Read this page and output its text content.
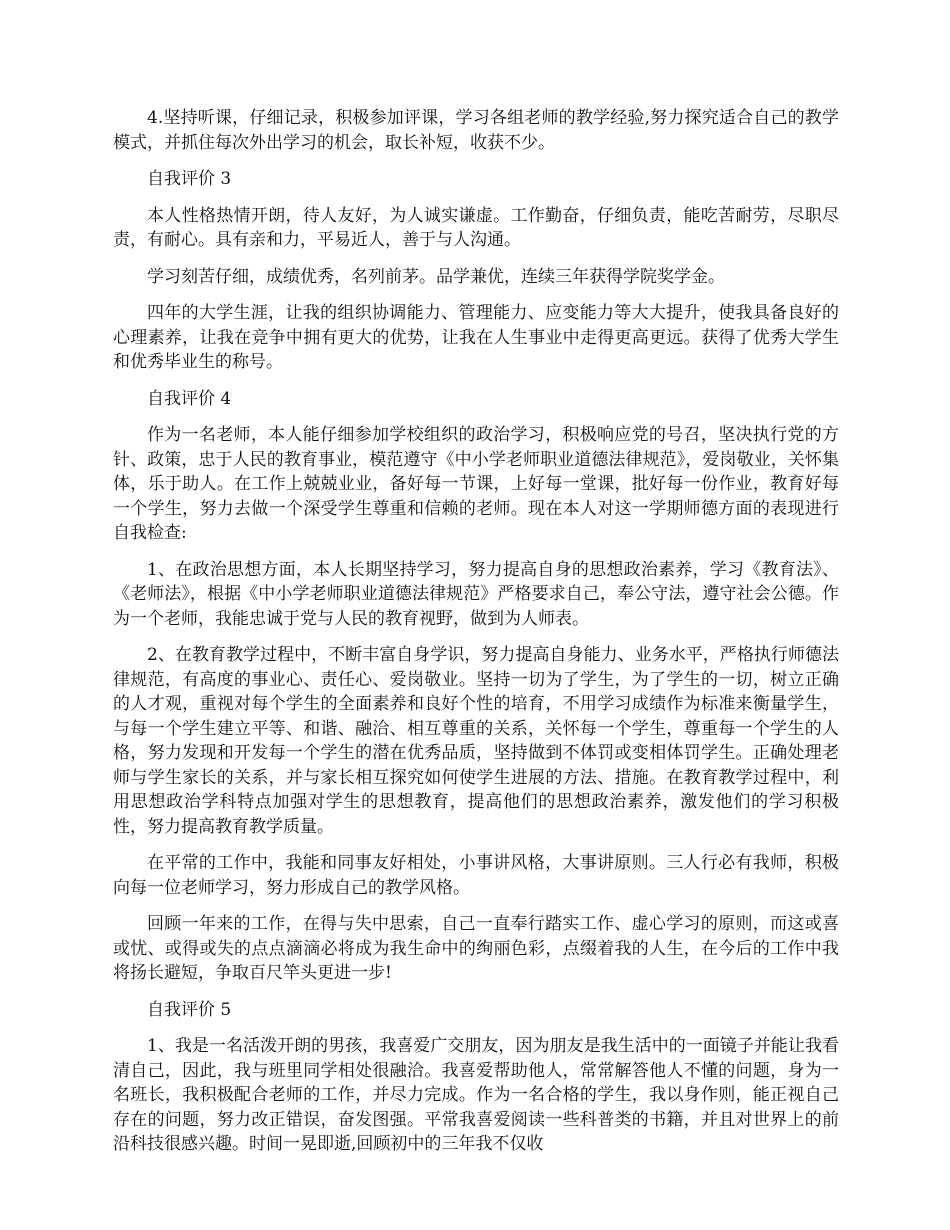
4.坚持听课，仔细记录，积极参加评课，学习各组老师的教学经验,努力探究适合自己的教学模式，并抓住每次外出学习的机会，取长补短，收获不少。

自我评价 3

本人性格热情开朗，待人友好，为人诚实谦虚。工作勤奋，仔细负责，能吃苦耐劳，尽职尽责，有耐心。具有亲和力，平易近人，善于与人沟通。

学习刻苦仔细，成绩优秀，名列前茅。品学兼优，连续三年获得学院奖学金。

四年的大学生涯，让我的组织协调能力、管理能力、应变能力等大大提升，使我具备良好的心理素养，让我在竞争中拥有更大的优势，让我在人生事业中走得更高更远。获得了优秀大学生和优秀毕业生的称号。

自我评价 4

作为一名老师，本人能仔细参加学校组织的政治学习，积极响应党的号召，坚决执行党的方针、政策，忠于人民的教育事业，模范遵守《中小学老师职业道德法律规范》，爱岗敬业，关怀集体，乐于助人。在工作上兢兢业业，备好每一节课，上好每一堂课，批好每一份作业，教育好每一个学生，努力去做一个深受学生尊重和信赖的老师。现在本人对这一学期师德方面的表现进行自我检查:

1、在政治思想方面，本人长期坚持学习，努力提高自身的思想政治素养，学习《教育法》、《老师法》，根据《中小学老师职业道德法律规范》严格要求自己，奉公守法，遵守社会公德。作为一个老师，我能忠诚于党与人民的教育视野，做到为人师表。

2、在教育教学过程中，不断丰富自身学识，努力提高自身能力、业务水平，严格执行师德法律规范，有高度的事业心、责任心、爱岗敬业。坚持一切为了学生，为了学生的一切，树立正确的人才观，重视对每个学生的全面素养和良好个性的培育，不用学习成绩作为标准来衡量学生，与每一个学生建立平等、和谐、融洽、相互尊重的关系，关怀每一个学生，尊重每一个学生的人格，努力发现和开发每一个学生的潜在优秀品质，坚持做到不体罚或变相体罚学生。正确处理老师与学生家长的关系，并与家长相互探究如何使学生进展的方法、措施。在教育教学过程中，利用思想政治学科特点加强对学生的思想教育，提高他们的思想政治素养，激发他们的学习积极性，努力提高教育教学质量。

在平常的工作中，我能和同事友好相处，小事讲风格，大事讲原则。三人行必有我师，积极向每一位老师学习，努力形成自己的教学风格。

回顾一年来的工作，在得与失中思索，自己一直奉行踏实工作、虚心学习的原则，而这或喜或忧、或得或失的点点滴滴必将成为我生命中的绚丽色彩，点缀着我的人生，在今后的工作中我将扬长避短，争取百尺竿头更进一步!

自我评价 5

1、我是一名活泼开朗的男孩，我喜爱广交朋友，因为朋友是我生活中的一面镜子并能让我看清自己，因此，我与班里同学相处很融洽。我喜爱帮助他人，常常解答他人不懂的问题，身为一名班长，我积极配合老师的工作，并尽力完成。作为一名合格的学生，我以身作则，能正视自己存在的问题，努力改正错误，奋发图强。平常我喜爱阅读一些科普类的书籍，并且对世界上的前沿科技很感兴趣。时间一晃即逝,回顾初中的三年我不仅收
